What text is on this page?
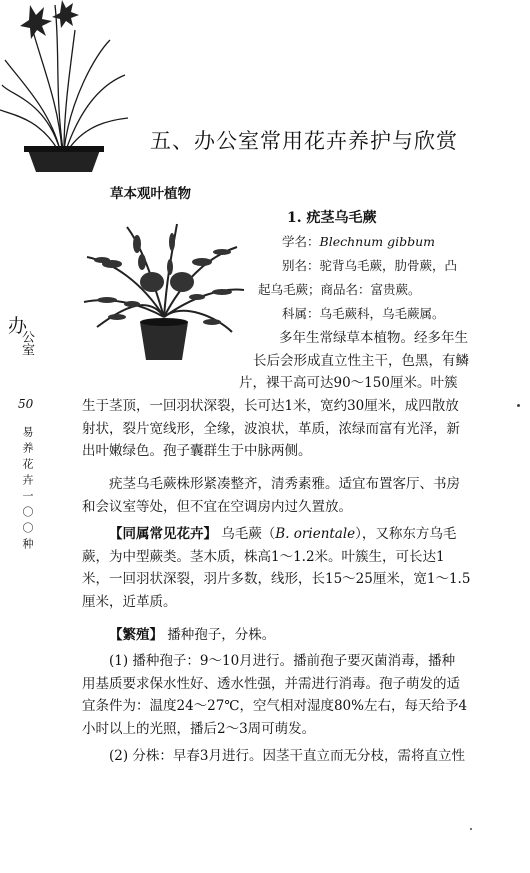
五、办公室常用花卉养护与欣赏
草本观叶植物
1. 疣茎乌毛蕨
学名：Blechnum gibbum
别名：驼背乌毛蕨，肋骨蕨，凸
起乌毛蕨；商品名：富贵蕨。
科属：乌毛蕨科，乌毛蕨属。
办
公室
50
易养花卉一〇〇种
多年生常绿草本植物。经多年生
长后会形成直立性主干，色黑，有鳞
片，裸干高可达90～150厘米。叶簇
生于茎顶，一回羽状深裂，长可达1米，宽约30厘米，成四散放
射状，裂片宽线形，全缘，波浪状，革质，浓绿而富有光泽，新
出叶嫩绿色。孢子囊群生于中脉两侧。
疣茎乌毛蕨株形紧凑整齐，清秀素雅。适宜布置客厅、书房
和会议室等处，但不宜在空调房内过久置放。
【同属常见花卉】 乌毛蕨（B. orientale），又称东方乌毛
蕨，为中型蕨类。茎木质，株高1～1.2米。叶簇生，可长达1
米，一回羽状深裂，羽片多数，线形，长15～25厘米，宽1～1.5
厘米，近革质。
【繁殖】 播种孢子，分株。
(1) 播种孢子：9～10月进行。播前孢子要灭菌消毒，播种
用基质要求保水性好、透水性强，并需进行消毒。孢子萌发的适
宜条件为：温度24～27℃，空气相对湿度80%左右，每天给予4
小时以上的光照，播后2～3周可萌发。
(2) 分株：早春3月进行。因茎干直立而无分枝，需将直立性
